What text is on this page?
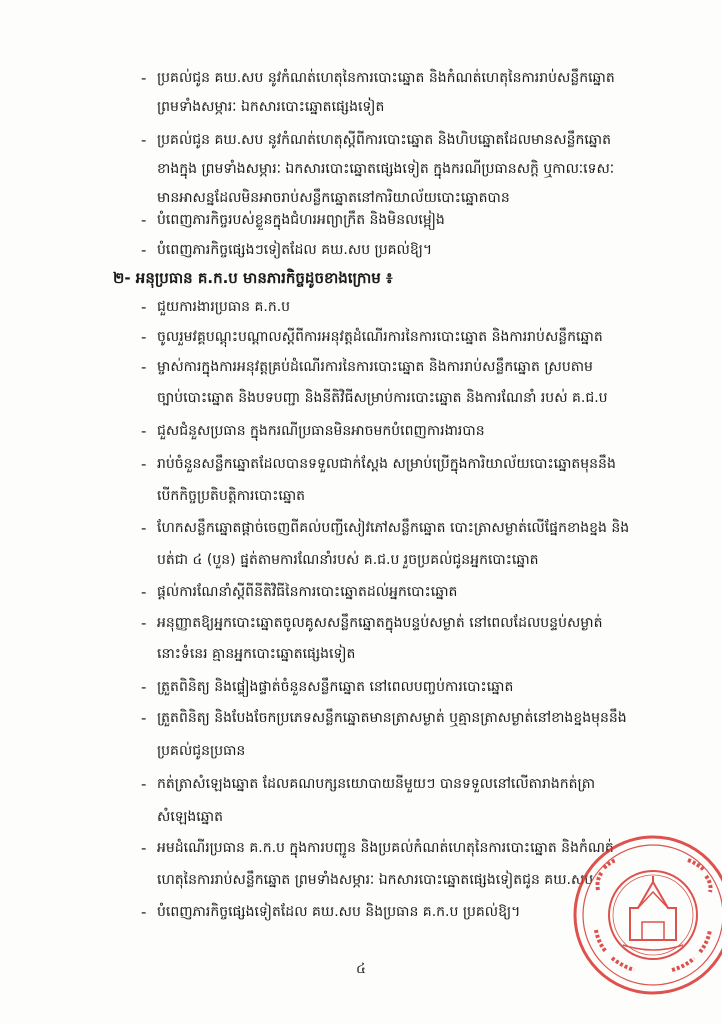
- ប្រគល់ជូន គឃ.សប នូវកំណត់ហេតុនៃការបោះឆ្នោត និងកំណត់ហេតុនៃការរាប់សន្លឹកឆ្នោត
ព្រមទាំងសម្ភារៈ ឯកសារបោះឆ្នោតផ្សេងទៀត
- ប្រគល់ជូន គឃ.សប នូវកំណត់ហេតុស្ដីពីការបោះឆ្នោត និងហិបឆ្នោតដែលមានសន្លឹកឆ្នោត
ខាងក្នុង ព្រមទាំងសម្ភារៈ ឯកសារបោះឆ្នោតផ្សេងទៀត ក្នុងករណីប្រធានសក្ដិ ឬកាលៈទេសៈ
មានអាសន្នដែលមិនអាចរាប់សន្លឹកឆ្នោតនៅការិយាល័យបោះឆ្នោតបាន
- បំពេញភារកិច្ចរបស់ខ្លួនក្នុងជំហរអព្យាក្រឹត និងមិនលម្អៀង
- បំពេញភារកិច្ចផ្សេងៗទៀតដែល គឃ.សប ប្រគល់ឱ្យ។
២- អនុប្រធាន គ.ក.ប មានភារកិច្ចដូចខាងក្រោម ៖
- ជួយការងារប្រធាន គ.ក.ប
- ចូលរួមវគ្គបណ្ដុះបណ្ដាលស្ដីពីការអនុវត្តដំណើរការនៃការបោះឆ្នោត និងការរាប់សន្លឹកឆ្នោត
- ម្ចាស់ការក្នុងការអនុវត្តគ្រប់ដំណើរការនៃការបោះឆ្នោត និងការរាប់សន្លឹកឆ្នោត ស្របតាម
ច្បាប់បោះឆ្នោត និងបទបញ្ជា និងនីតិវិធីសម្រាប់ការបោះឆ្នោត និងការណែនាំ របស់ គ.ជ.ប
- ជួសជំនួសប្រធាន ក្នុងករណីប្រធានមិនអាចមកបំពេញការងារបាន
- រាប់ចំនួនសន្លឹកឆ្នោតដែលបានទទួលជាក់ស្ដែង សម្រាប់ប្រើក្នុងការិយាល័យបោះឆ្នោតមុននឹង
បើកកិច្ចប្រតិបត្តិការបោះឆ្នោត
- ហែកសន្លឹកឆ្នោតផ្ដាច់ចេញពីគល់បញ្ជីសៀវភៅសន្លឹកឆ្នោត បោះត្រាសម្ងាត់លើផ្នែកខាងខ្នង និង
បត់ជា ៤ (បួន) ផ្នត់តាមការណែនាំរបស់ គ.ជ.ប រួចប្រគល់ជូនអ្នកបោះឆ្នោត
- ផ្ដល់ការណែនាំស្ដីពីនីតិវិធីនៃការបោះឆ្នោតដល់អ្នកបោះឆ្នោត
- អនុញ្ញាតឱ្យអ្នកបោះឆ្នោតចូលគូសសន្លឹកឆ្នោតក្នុងបន្ទប់សម្ងាត់ នៅពេលដែលបន្ទប់សម្ងាត់
នោះទំនេរ គ្មានអ្នកបោះឆ្នោតផ្សេងទៀត
- ត្រួតពិនិត្យ និងផ្ទៀងផ្ទាត់ចំនួនសន្លឹកឆ្នោត នៅពេលបញ្ចប់ការបោះឆ្នោត
- ត្រួតពិនិត្យ និងបែងចែកប្រភេទសន្លឹកឆ្នោតមានត្រាសម្ងាត់ ឬគ្មានត្រាសម្ងាត់នៅខាងខ្នងមុននឹង
ប្រគល់ជូនប្រធាន
- កត់ត្រាសំឡេងឆ្នោត ដែលគណបក្សនយោបាយនីមួយៗ បានទទួលនៅលើតារាងកត់ត្រា
សំឡេងឆ្នោត
- អមដំណើរប្រធាន គ.ក.ប ក្នុងការបញ្ជូន និងប្រគល់កំណត់ហេតុនៃការបោះឆ្នោត និងកំណត់
ហេតុនៃការរាប់សន្លឹកឆ្នោត ព្រមទាំងសម្ភារៈ ឯកសារបោះឆ្នោតផ្សេងទៀតជូន គឃ.សប
- បំពេញភារកិច្ចផ្សេងទៀតដែល គឃ.សប និងប្រធាន គ.ក.ប ប្រគល់ឱ្យ។
៤
